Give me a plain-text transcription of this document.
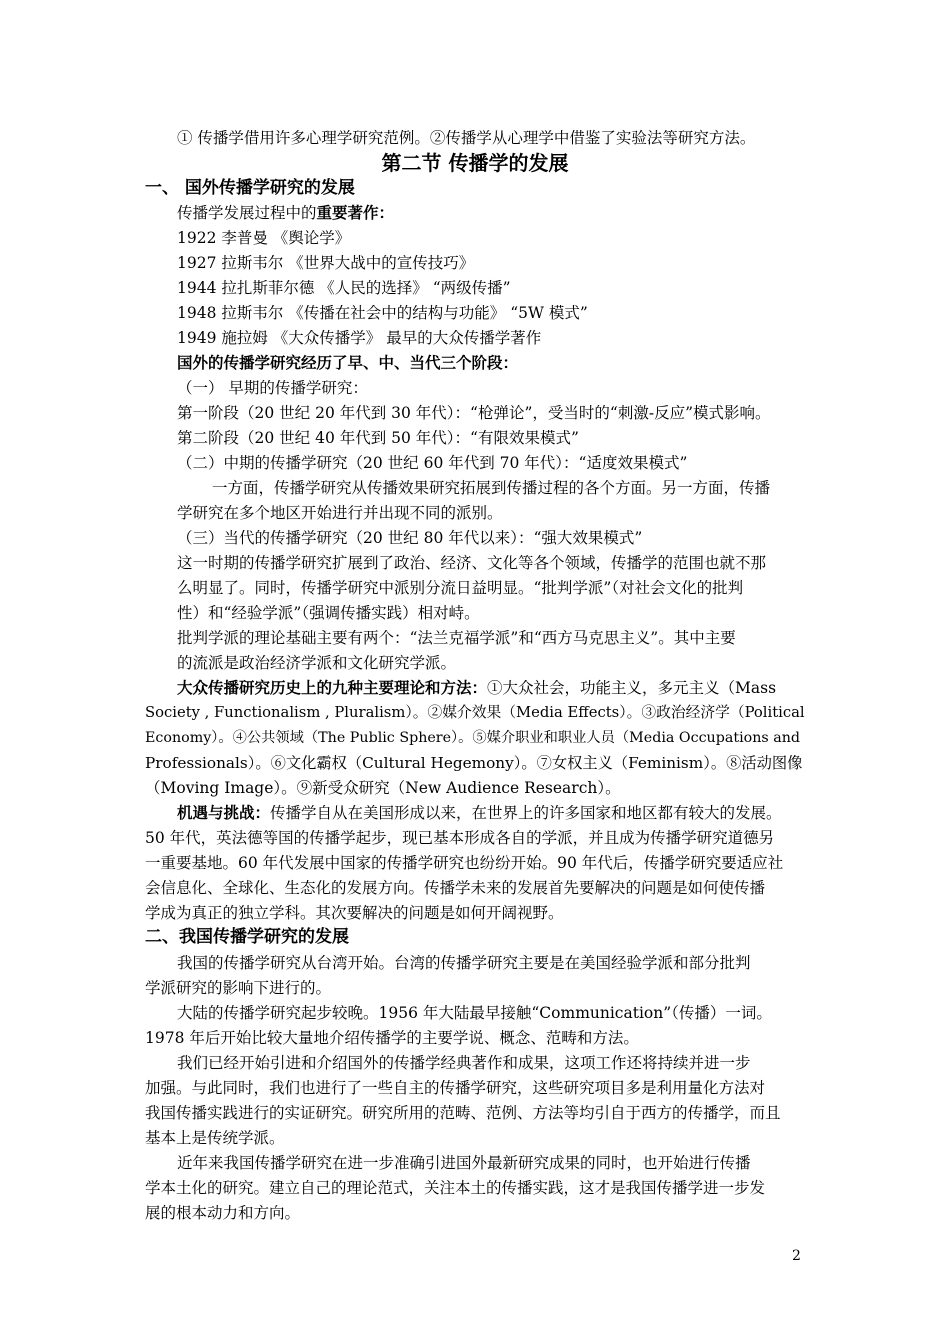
① 传播学借用许多心理学研究范例。②传播学从心理学中借鉴了实验法等研究方法。
第二节 传播学的发展
一、 国外传播学研究的发展
传播学发展过程中的重要著作：
1922 李普曼 《舆论学》
1927 拉斯韦尔 《世界大战中的宣传技巧》
1944 拉扎斯菲尔德 《人民的选择》 “两级传播”
1948 拉斯韦尔 《传播在社会中的结构与功能》 “5W 模式”
1949 施拉姆 《大众传播学》 最早的大众传播学著作
国外的传播学研究经历了早、中、当代三个阶段：
（一） 早期的传播学研究：
第一阶段（20 世纪 20 年代到 30 年代）：“枪弹论”，受当时的“刺激-反应”模式影响。
第二阶段（20 世纪 40 年代到 50 年代）：“有限效果模式”
（二）中期的传播学研究（20 世纪 60 年代到 70 年代）：“适度效果模式”
一方面，传播学研究从传播效果研究拓展到传播过程的各个方面。另一方面，传播
学研究在多个地区开始进行并出现不同的派别。
（三）当代的传播学研究（20 世纪 80 年代以来）：“强大效果模式”
这一时期的传播学研究扩展到了政治、经济、文化等各个领域，传播学的范围也就不那
么明显了。同时，传播学研究中派别分流日益明显。“批判学派”（对社会文化的批判
性）和“经验学派”（强调传播实践）相对峙。
批判学派的理论基础主要有两个：“法兰克福学派”和“西方马克思主义”。其中主要
的流派是政治经济学派和文化研究学派。
大众传播研究历史上的九种主要理论和方法：①大众社会，功能主义，多元主义（Mass
Society , Functionalism , Pluralism）。②媒介效果（Media Effects）。③政治经济学（Political
Economy）。④公共领域（The Public Sphere）。⑤媒介职业和职业人员（Media Occupations and
Professionals）。⑥文化霸权（Cultural Hegemony）。⑦女权主义（Feminism）。⑧活动图像
（Moving Image）。⑨新受众研究（New Audience Research）。
机遇与挑战：传播学自从在美国形成以来，在世界上的许多国家和地区都有较大的发展。
50 年代，英法德等国的传播学起步，现已基本形成各自的学派，并且成为传播学研究道德另
一重要基地。60 年代发展中国家的传播学研究也纷纷开始。90 年代后，传播学研究要适应社
会信息化、全球化、生态化的发展方向。传播学未来的发展首先要解决的问题是如何使传播
学成为真正的独立学科。其次要解决的问题是如何开阔视野。
二、我国传播学研究的发展
我国的传播学研究从台湾开始。台湾的传播学研究主要是在美国经验学派和部分批判
学派研究的影响下进行的。
大陆的传播学研究起步较晚。1956 年大陆最早接触“Communication”（传播）一词。
1978 年后开始比较大量地介绍传播学的主要学说、概念、范畴和方法。
我们已经开始引进和介绍国外的传播学经典著作和成果，这项工作还将持续并进一步
加强。与此同时，我们也进行了一些自主的传播学研究，这些研究项目多是利用量化方法对
我国传播实践进行的实证研究。研究所用的范畴、范例、方法等均引自于西方的传播学，而且
基本上是传统学派。
近年来我国传播学研究在进一步准确引进国外最新研究成果的同时，也开始进行传播
学本土化的研究。建立自己的理论范式，关注本土的传播实践，这才是我国传播学进一步发
展的根本动力和方向。
2
